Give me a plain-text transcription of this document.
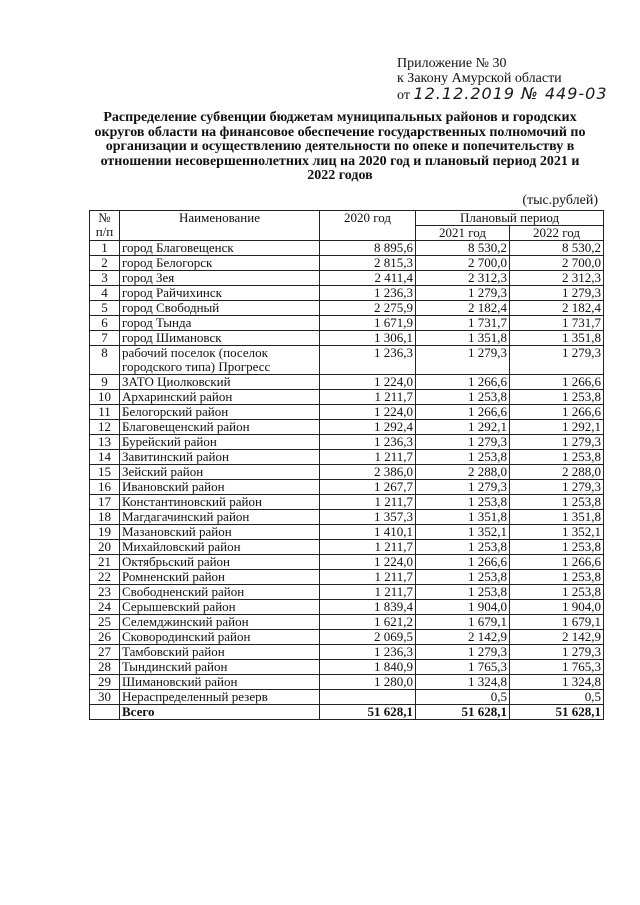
Приложение № 30
к Закону Амурской области
от 12.12.2019 № 449-03
Распределение субвенции бюджетам муниципальных районов и городских округов области на финансовое обеспечение государственных полномочий по организации и осуществлению деятельности по опеке и попечительству в отношении несовершеннолетних лиц на 2020 год и плановый период 2021 и 2022 годов
(тыс.рублей)
№ п/п	Наименование	2020 год	Плановый период	
			2021 год	2022 год
1	город Благовещенск	8 895,6	8 530,2	8 530,2
2	город Белогорск	2 815,3	2 700,0	2 700,0
3	город Зея	2 411,4	2 312,3	2 312,3
4	город Райчихинск	1 236,3	1 279,3	1 279,3
5	город Свободный	2 275,9	2 182,4	2 182,4
6	город Тында	1 671,9	1 731,7	1 731,7
7	город Шимановск	1 306,1	1 351,8	1 351,8
8	рабочий поселок (поселок городского типа) Прогресс	1 236,3	1 279,3	1 279,3
9	ЗАТО Циолковский	1 224,0	1 266,6	1 266,6
10	Архаринский район	1 211,7	1 253,8	1 253,8
11	Белогорский район	1 224,0	1 266,6	1 266,6
12	Благовещенский район	1 292,4	1 292,1	1 292,1
13	Бурейский район	1 236,3	1 279,3	1 279,3
14	Завитинский район	1 211,7	1 253,8	1 253,8
15	Зейский район	2 386,0	2 288,0	2 288,0
16	Ивановский район	1 267,7	1 279,3	1 279,3
17	Константиновский район	1 211,7	1 253,8	1 253,8
18	Магдагачинский район	1 357,3	1 351,8	1 351,8
19	Мазановский район	1 410,1	1 352,1	1 352,1
20	Михайловский район	1 211,7	1 253,8	1 253,8
21	Октябрьский район	1 224,0	1 266,6	1 266,6
22	Ромненский район	1 211,7	1 253,8	1 253,8
23	Свободненский район	1 211,7	1 253,8	1 253,8
24	Серышевский район	1 839,4	1 904,0	1 904,0
25	Селемджинский район	1 621,2	1 679,1	1 679,1
26	Сковородинский район	2 069,5	2 142,9	2 142,9
27	Тамбовский район	1 236,3	1 279,3	1 279,3
28	Тындинский район	1 840,9	1 765,3	1 765,3
29	Шимановский район	1 280,0	1 324,8	1 324,8
30	Нераспределенный резерв		0,5	0,5
	Всего	51 628,1	51 628,1	51 628,1
